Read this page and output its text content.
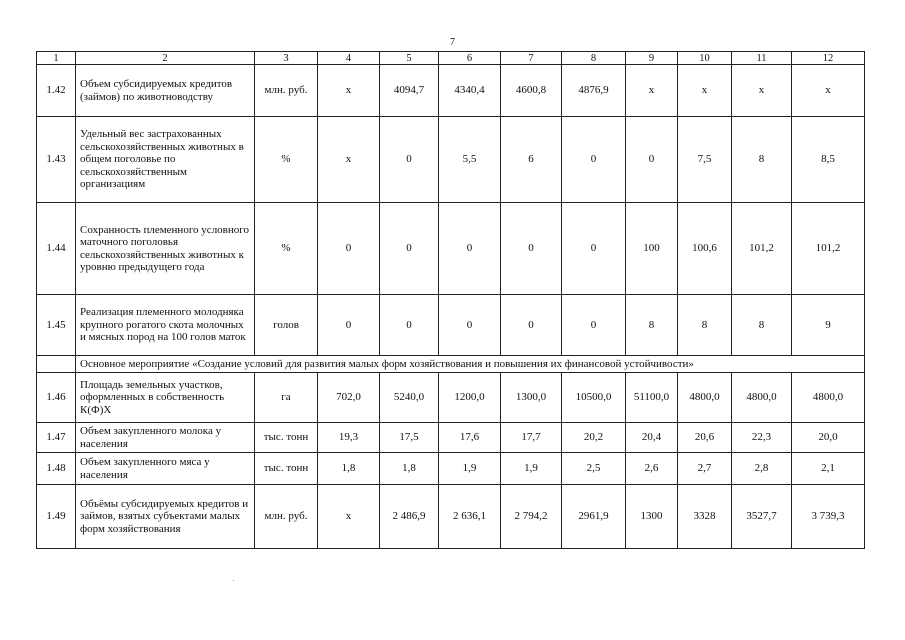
7
1	2	3	4	5	6	7	8	9	10	11	12
1.42	Объем субсидируемых кредитов (займов) по животноводству	млн. руб.	х	4094,7	4340,4	4600,8	4876,9	х	х	х	х
1.43	Удельный вес застрахованных сельскохозяйственных животных в общем поголовье по сельскохозяйственным организациям	%	х	0	5,5	6	0	0	7,5	8	8,5
1.44	Сохранность племенного условного маточного поголовья сельскохозяйственных животных к уровню предыдущего года	%	0	0	0	0	0	100	100,6	101,2	101,2
1.45	Реализация племенного молодняка крупного рогатого скота молочных и мясных пород на 100 голов маток	голов	0	0	0	0	0	8	8	8	9
	Основное мероприятие «Создание условий для развития малых форм хозяйствования и повышения их финансовой устойчивости»										
1.46	Площадь земельных участков, оформленных в собственность К(Ф)Х	га	702,0	5240,0	1200,0	1300,0	10500,0	51100,0	4800,0	4800,0	4800,0
1.47	Объем закупленного молока у населения	тыс. тонн	19,3	17,5	17,6	17,7	20,2	20,4	20,6	22,3	20,0
1.48	Объем закупленного мяса у населения	тыс. тонн	1,8	1,8	1,9	1,9	2,5	2,6	2,7	2,8	2,1
1.49	Объёмы субсидируемых кредитов и займов, взятых субъектами малых форм хозяйствования	млн. руб.	х	2 486,9	2 636,1	2 794,2	2961,9	1300	3328	3527,7	3 739,3
